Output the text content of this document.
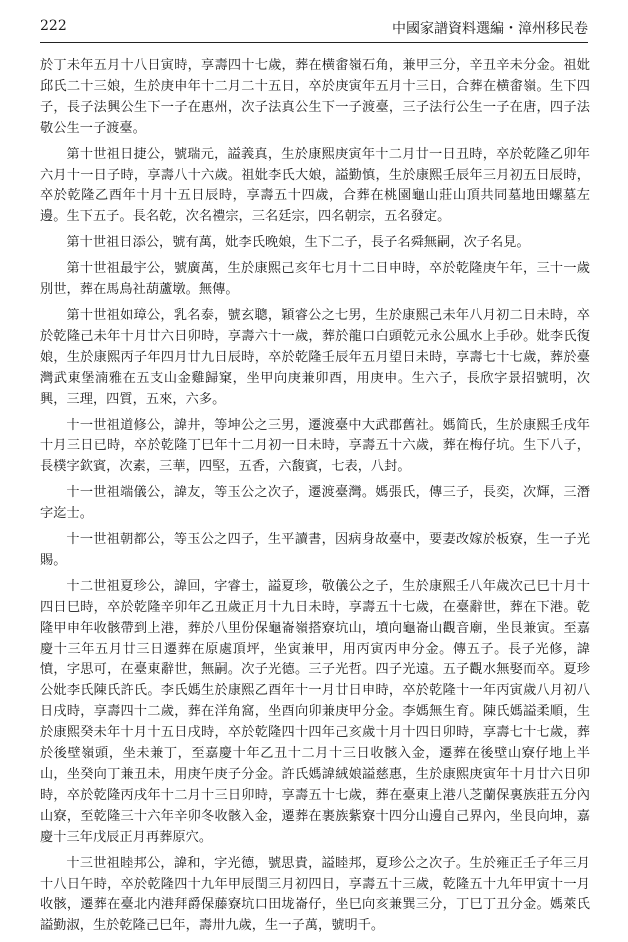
222	中國家譜資料選編・漳州移民卷

於丁未年五月十八日寅時，享壽四十七歲，葬在横畬嶺石角，兼甲三分，辛丑辛未分金。祖妣邱氏二十三娘，生於庚申年十二月二十五日，卒於庚寅年五月十三日，合葬在横畬嶺。生下四子，長子法興公生下一子在惠州，次子法真公生下一子渡臺，三子法行公生一子在唐，四子法敬公生一子渡臺。

第十世祖日捷公，號瑞元，謚義真，生於康熙庚寅年十二月廿一日丑時，卒於乾隆乙卯年六月十一日子時，享壽八十六歲。祖妣李氏大娘，謚勤慎，生於康熙壬辰年三月初五日辰時，卒於乾隆乙酉年十月十五日辰時，享壽五十四歲，合葬在桃園龜山莊山頂共同墓地田螺墓左邊。生下五子。長名乾，次名禮宗，三名廷宗，四名朝宗，五名發定。

第十世祖日添公，號有萬，妣李氏晚娘，生下二子，長子名舜無嗣，次子名見。

第十世祖最宇公，號廣萬，生於康熙己亥年七月十二日申時，卒於乾隆庚午年，三十一歲別世，葬在馬鳥社葫蘆墩。無傳。

第十世祖如璋公，乳名泰，號玄聰，穎睿公之七男，生於康熙己未年八月初二日未時，卒於乾隆己未年十月廿六日卯時，享壽六十一歲，葬於龍口白頭乾元永公風水上手砂。妣李氏復娘，生於康熙丙子年四月廿九日辰時，卒於乾隆壬辰年五月望日未時，享壽七十七歲，葬於臺灣武東堡湳雅在五支山金雞歸窠，坐甲向庚兼卯酉，用庚申。生六子，長欣字景招號明，次興，三理，四質，五來，六多。

十一世祖道修公，諱井，等坤公之三男，遷渡臺中大武郡舊社。媽简氏，生於康熙壬戌年十月三日已時，卒於乾隆丁巳年十二月初一日未時，享壽五十六歲，葬在梅仔坑。生下八子，長樸字欽賓，次素，三華，四堅，五香，六馥賓，七表，八封。

十一世祖端儀公，諱友，等玉公之次子，遷渡臺灣。媽張氏，傳三子，長奕，次輝，三潛字迄士。

十一世祖朝都公，等玉公之四子，生平讀書，因病身故臺中，要妻改嫁於板寮，生一子光賜。

十二世祖夏珍公，諱回，字睿士，謚夏珍，敬儀公之子，生於康熙壬八年歲次己巳十月十四日巳時，卒於乾隆辛卯年乙丑歲正月十九日未時，享壽五十七歲，在臺辭世，葬在下港。乾隆甲申年收骸帶到上港，葬於八里份保龜崙嶺搭寮坑山，墳向龜崙山觀音廟，坐艮兼寅。至嘉慶十三年五月廿三日遷葬在原處頂坪，坐寅兼甲，用丙寅丙申分金。傳五子。長子光修，諱憤，字思可，在臺東辭世，無嗣。次子光德。三子光哲。四子光遠。五子觀水無娶而卒。夏珍公妣李氏陳氏許氏。李氏媽生於康熙乙酉年十一月廿日申時，卒於乾隆十一年丙寅歲八月初八日戌時，享壽四十二歲，葬在洋角窩，坐酉向卯兼庚甲分金。李媽無生育。陳氏媽謚柔順，生於康熙癸未年十月十五日戌時，卒於乾隆四十四年己亥歲十月十四日卯時，享壽七十七歲，葬於後壁嶺頭，坐未兼丁，至嘉慶十年乙丑十二月十三日收骸入金，遷葬在後壁山寮仔地上半山，坐癸向丁兼丑未，用庚午庚子分金。許氏媽諱絨娘謚慈惠，生於康熙庚寅年十月廿六日卯時，卒於乾隆丙戌年十二月十三日卯時，享壽五十七歲，葬在臺東上港八芝蘭保裏族莊五分內山寮，至乾隆三十六年辛卯冬收骸入金，遷葬在裹族紫寮十四分山邊自己界內，坐艮向坤，嘉慶十三年戊辰正月再葬原穴。

十三世祖睦邦公，諱和，字光德，號思貴，謚睦邦，夏珍公之次子。生於雍正壬子年三月十八日午時，卒於乾隆四十九年甲辰閏三月初四日，享壽五十三歲，乾隆五十九年甲寅十一月收骸，遷葬在臺北内港拜爵保藤寮坑口田垅崙仔，坐巳向亥兼巽三分，丁巳丁丑分金。媽萊氏謚勤淑，生於乾隆己巳年，壽卅九歲，生一子萬，號明千。
